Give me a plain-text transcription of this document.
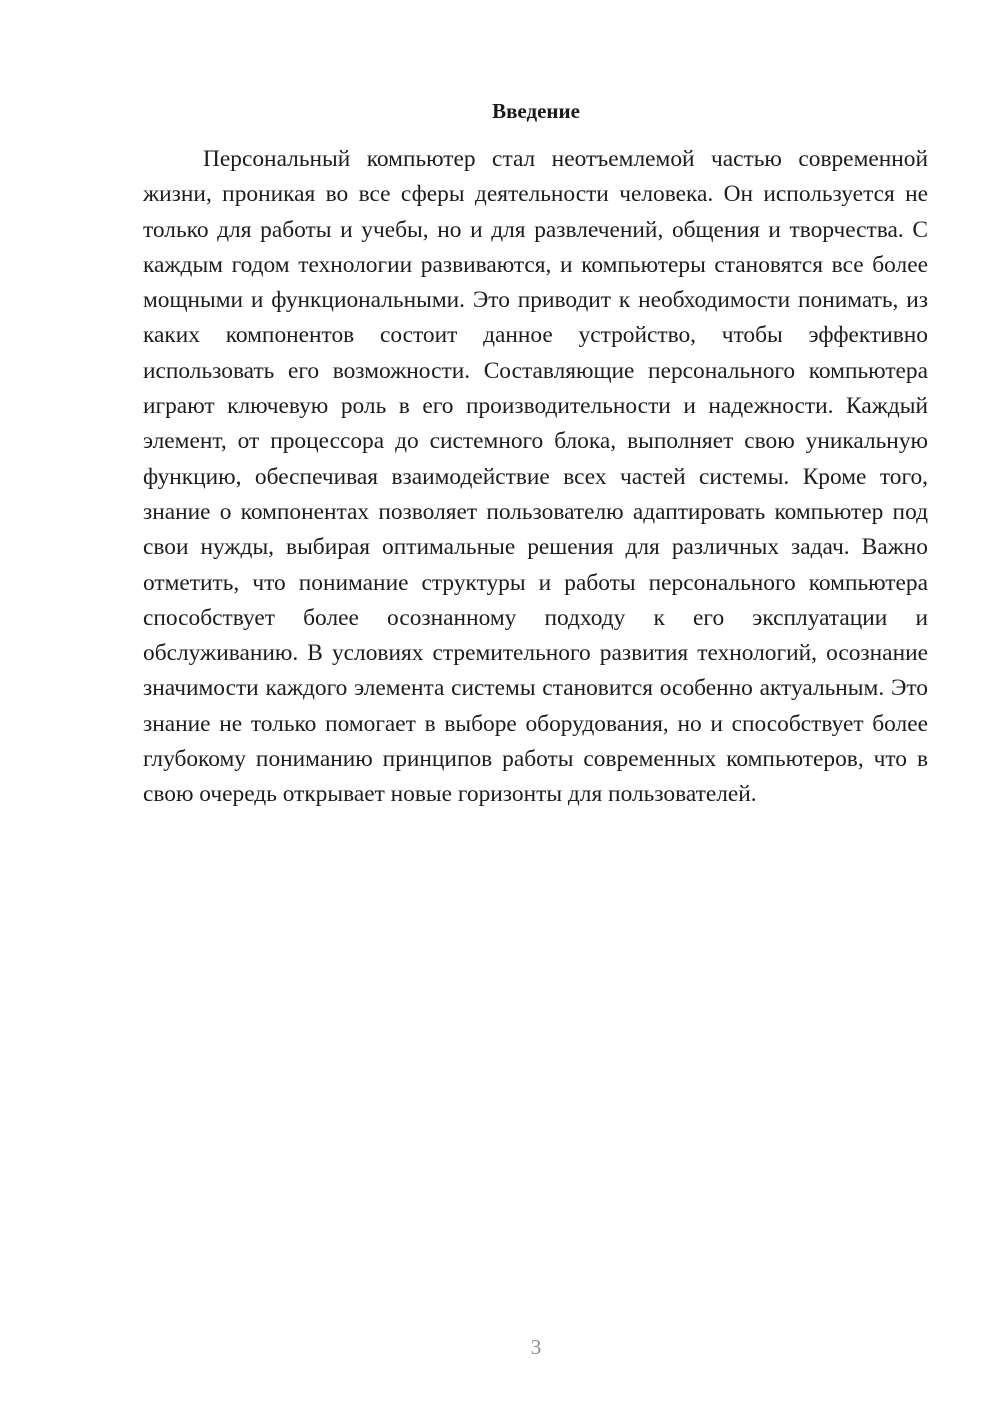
Введение

Персональный компьютер стал неотъемлемой частью современной жизни, проникая во все сферы деятельности человека. Он используется не только для работы и учебы, но и для развлечений, общения и творчества. С каждым годом технологии развиваются, и компьютеры становятся все более мощными и функциональными. Это приводит к необходимости понимать, из каких компонентов состоит данное устройство, чтобы эффективно использовать его возможности. Составляющие персонального компьютера играют ключевую роль в его производительности и надежности. Каждый элемент, от процессора до системного блока, выполняет свою уникальную функцию, обеспечивая взаимодействие всех частей системы. Кроме того, знание о компонентах позволяет пользователю адаптировать компьютер под свои нужды, выбирая оптимальные решения для различных задач. Важно отметить, что понимание структуры и работы персонального компьютера способствует более осознанному подходу к его эксплуатации и обслуживанию. В условиях стремительного развития технологий, осознание значимости каждого элемента системы становится особенно актуальным. Это знание не только помогает в выборе оборудования, но и способствует более глубокому пониманию принципов работы современных компьютеров, что в свою очередь открывает новые горизонты для пользователей.

3
